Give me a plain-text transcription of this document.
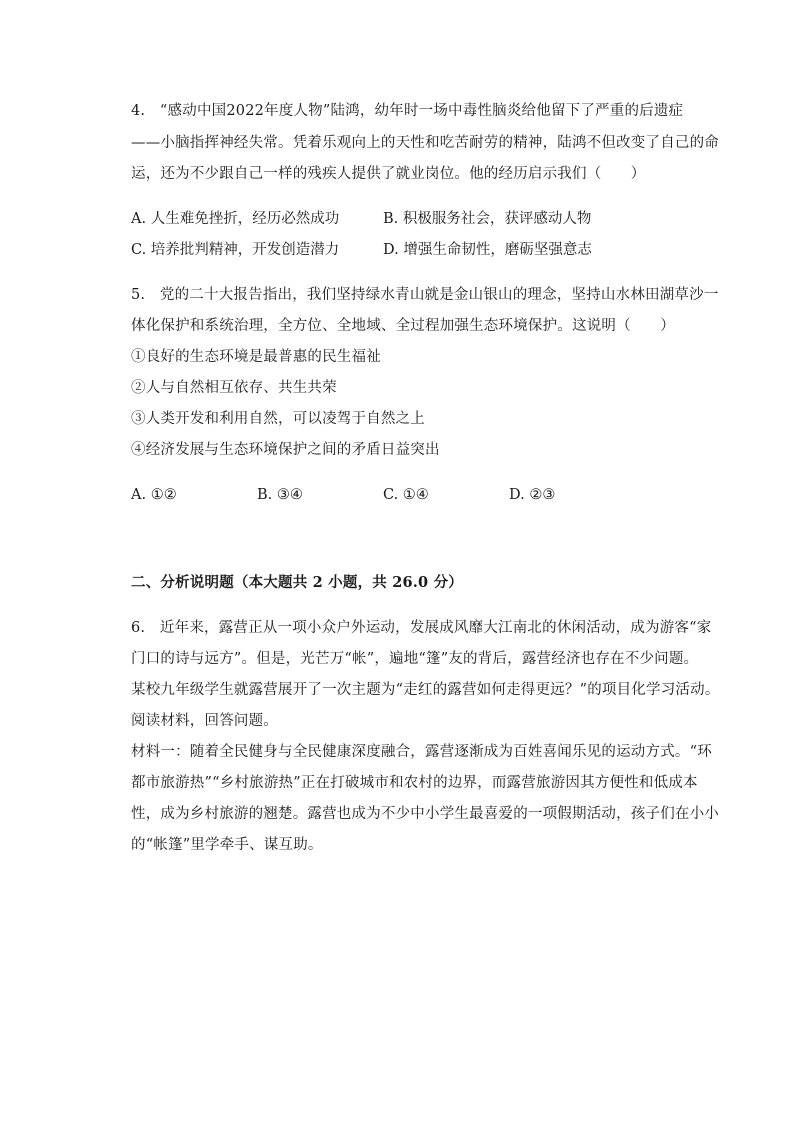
4.　“感动中国2022年度人物”陆鸿，幼年时一场中毒性脑炎给他留下了严重的后遗症
——小脑指挥神经失常。凭着乐观向上的天性和吃苦耐劳的精神，陆鸿不但改变了自己的命
运，还为不少跟自己一样的残疾人提供了就业岗位。他的经历启示我们（　　）
A. 人生难免挫折，经历必然成功	B. 积极服务社会，获评感动人物
C. 培养批判精神，开发创造潜力	D. 增强生命韧性，磨砺坚强意志
5.　党的二十大报告指出，我们坚持绿水青山就是金山银山的理念，坚持山水林田湖草沙一
体化保护和系统治理，全方位、全地域、全过程加强生态环境保护。这说明（　　）
①良好的生态环境是最普惠的民生福祉
②人与自然相互依存、共生共荣
③人类开发和利用自然，可以凌驾于自然之上
④经济发展与生态环境保护之间的矛盾日益突出
A. ①②	B. ③④	C. ①④	D. ②③
二、分析说明题（本大题共 2 小题，共 26.0 分）
6.　近年来，露营正从一项小众户外运动，发展成风靡大江南北的休闲活动，成为游客“家
门口的诗与远方”。但是，光芒万“帐”，遍地“篷”友的背后，露营经济也存在不少问题。
某校九年级学生就露营展开了一次主题为“走红的露营如何走得更远？”的项目化学习活动。
阅读材料，回答问题。
材料一：随着全民健身与全民健康深度融合，露营逐渐成为百姓喜闻乐见的运动方式。“环
都市旅游热”“乡村旅游热”正在打破城市和农村的边界，而露营旅游因其方便性和低成本
性，成为乡村旅游的翘楚。露营也成为不少中小学生最喜爱的一项假期活动，孩子们在小小
的“帐篷”里学牵手、谋互助。
